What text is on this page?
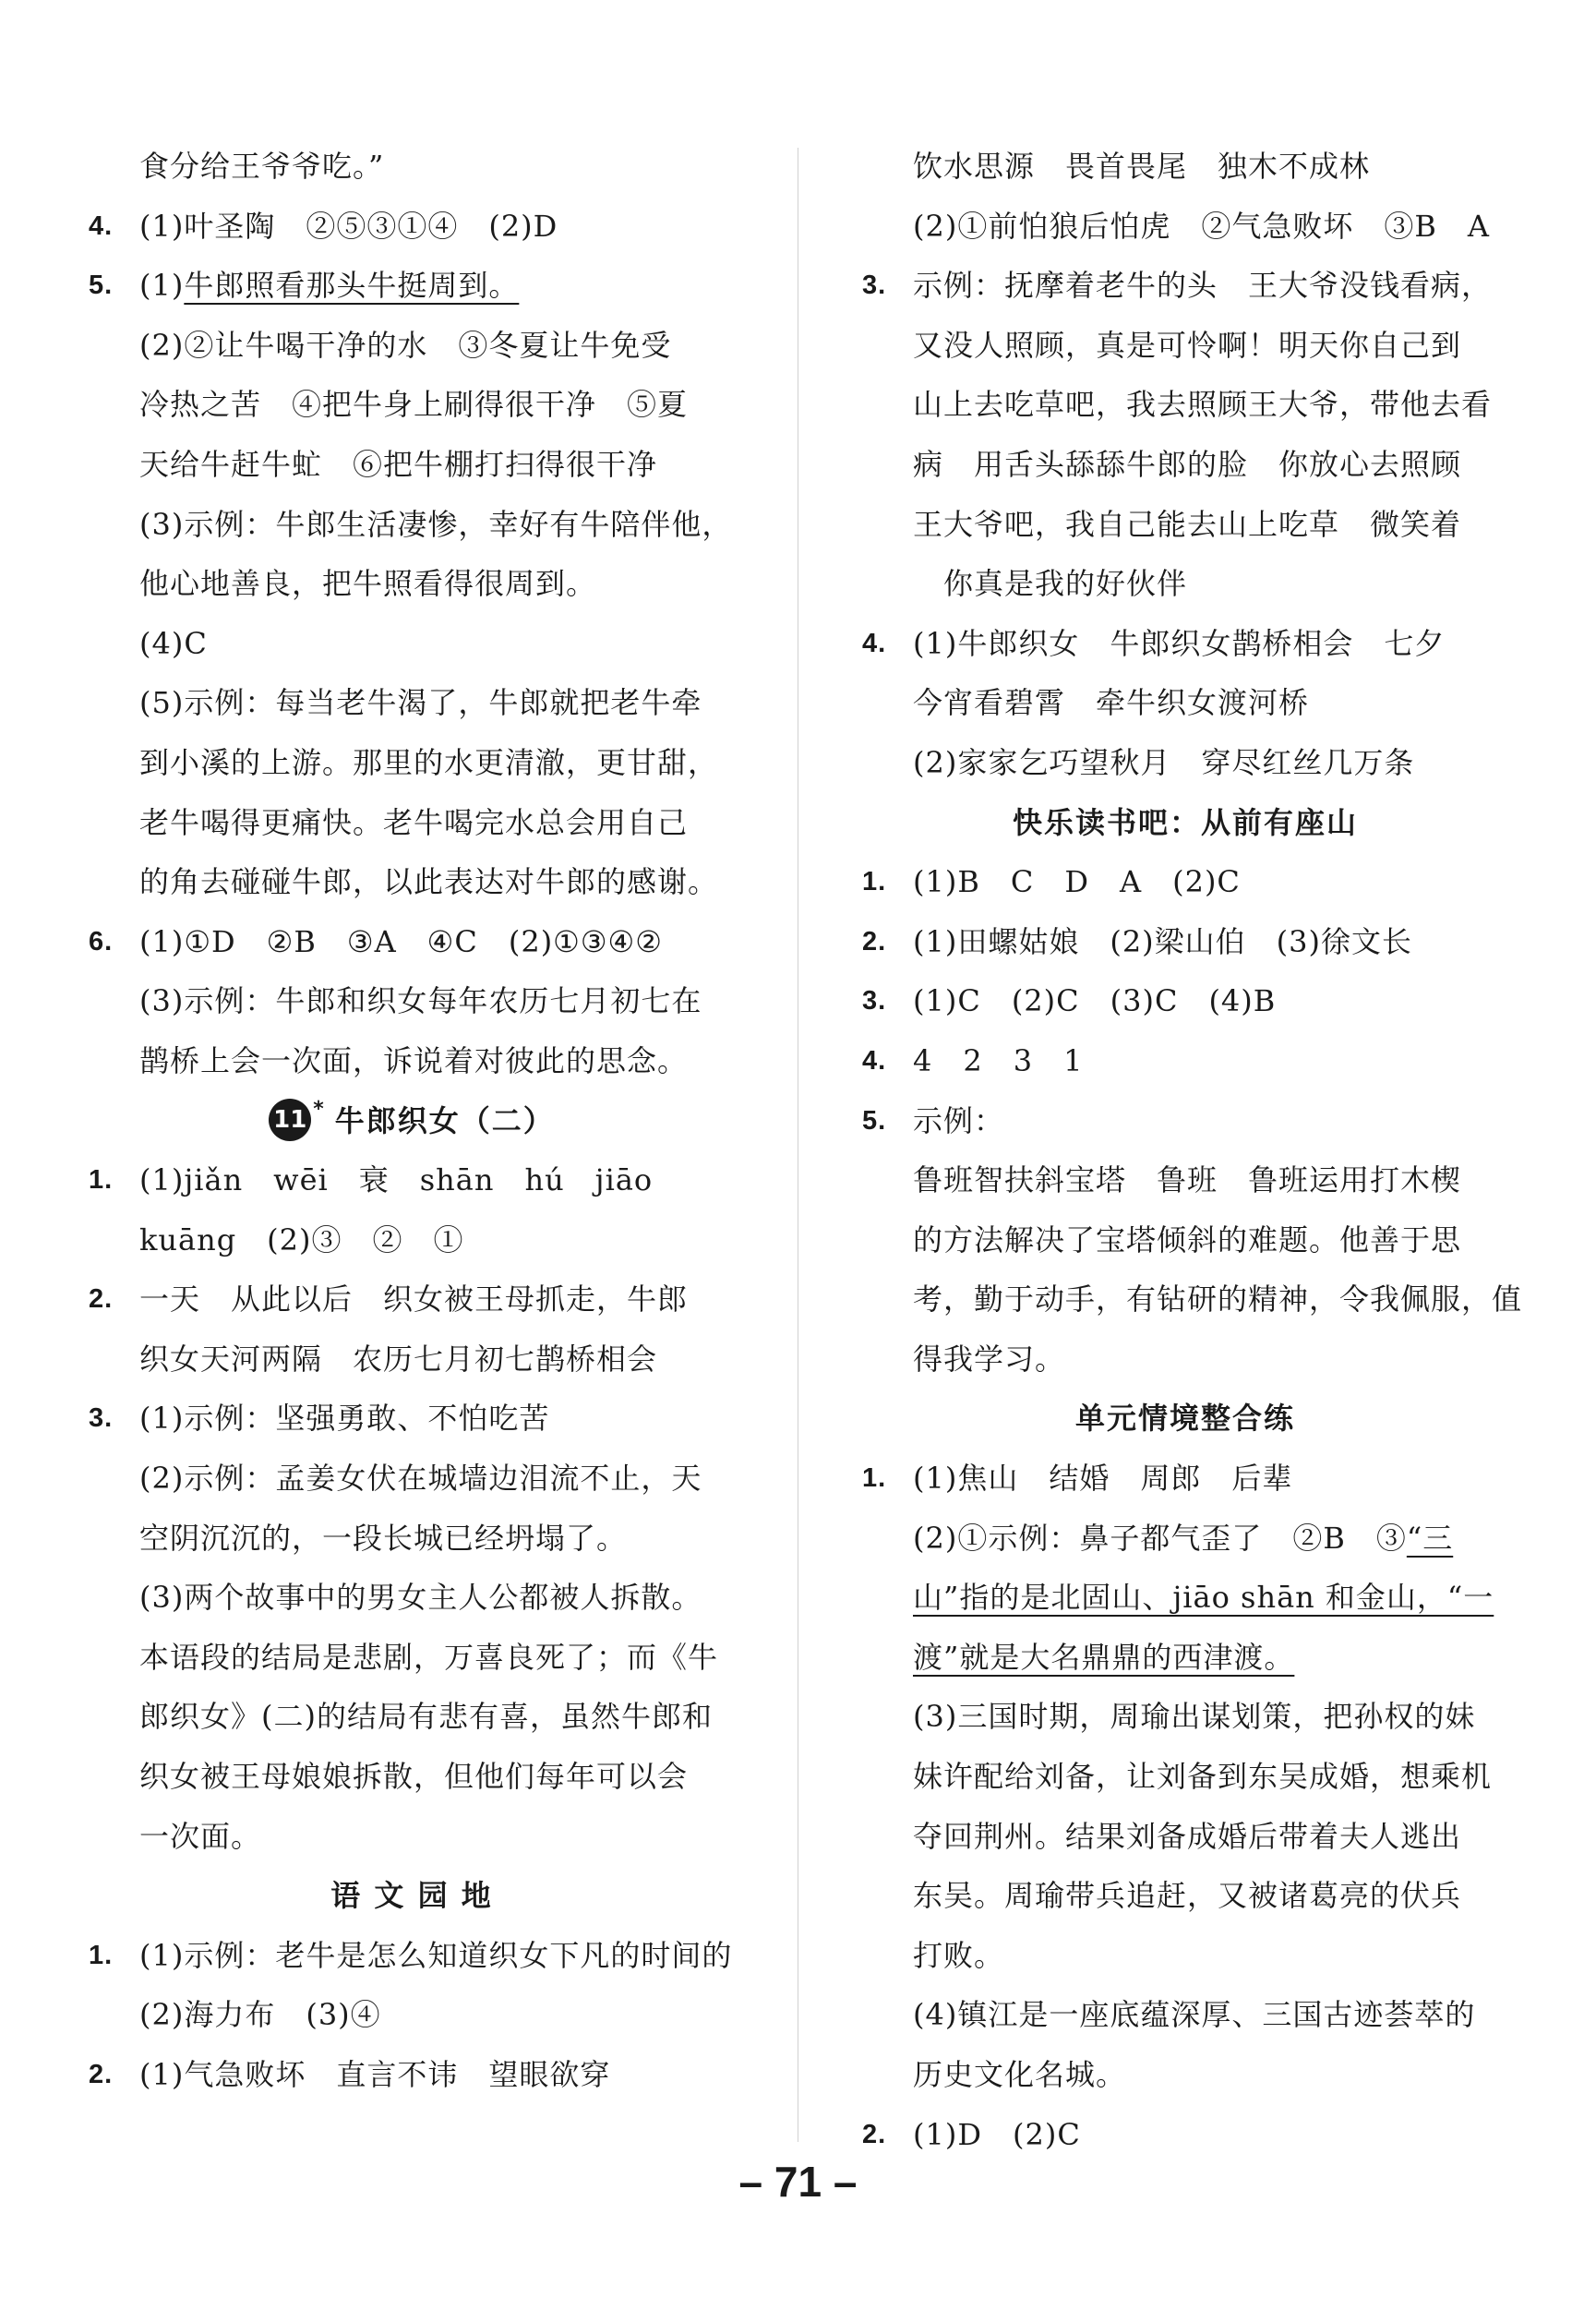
食分给王爷爷吃。”
4. (1)叶圣陶　②⑤③①④　(2)D
5. (1)牛郎照看那头牛挺周到。
(2)②让牛喝干净的水　③冬夏让牛免受
冷热之苦　④把牛身上刷得很干净　⑤夏
天给牛赶牛虻　⑥把牛棚打扫得很干净
(3)示例：牛郎生活凄惨，幸好有牛陪伴他，
他心地善良，把牛照看得很周到。
(4)C
(5)示例：每当老牛渴了，牛郎就把老牛牵
到小溪的上游。那里的水更清澈，更甘甜，
老牛喝得更痛快。老牛喝完水总会用自己
的角去碰碰牛郎，以此表达对牛郎的感谢。
6. (1)①D　②B　③A　④C　(2)①③④②
(3)示例：牛郎和织女每年农历七月初七在
鹊桥上会一次面，诉说着对彼此的思念。
11 * 牛郎织女（二）
1. (1)jiǎn　wēi　衰　shān　hú　jiāo
kuāng　(2)③　②　①
2. 一天　从此以后　织女被王母抓走，牛郎
织女天河两隔　农历七月初七鹊桥相会
3. (1)示例：坚强勇敢、不怕吃苦
(2)示例：孟姜女伏在城墙边泪流不止，天
空阴沉沉的，一段长城已经坍塌了。
(3)两个故事中的男女主人公都被人拆散。
本语段的结局是悲剧，万喜良死了；而《牛
郎织女》(二)的结局有悲有喜，虽然牛郎和
织女被王母娘娘拆散，但他们每年可以会
一次面。
语 文 园 地
1. (1)示例：老牛是怎么知道织女下凡的时间的
(2)海力布　(3)④
2. (1)气急败坏　直言不讳　望眼欲穿
饮水思源　畏首畏尾　独木不成林
(2)①前怕狼后怕虎　②气急败坏　③B　A
3. 示例：抚摩着老牛的头　王大爷没钱看病，
又没人照顾，真是可怜啊！明天你自己到
山上去吃草吧，我去照顾王大爷，带他去看
病　用舌头舔舔牛郎的脸　你放心去照顾
王大爷吧，我自己能去山上吃草　微笑着
　你真是我的好伙伴
4. (1)牛郎织女　牛郎织女鹊桥相会　七夕
今宵看碧霄　牵牛织女渡河桥
(2)家家乞巧望秋月　穿尽红丝几万条
快乐读书吧：从前有座山
1. (1)B　C　D　A　(2)C
2. (1)田螺姑娘　(2)梁山伯　(3)徐文长
3. (1)C　(2)C　(3)C　(4)B
4. 4　2　3　1
5. 示例：
鲁班智扶斜宝塔　鲁班　鲁班运用打木楔
的方法解决了宝塔倾斜的难题。他善于思
考，勤于动手，有钻研的精神，令我佩服，值
得我学习。
单元情境整合练
1. (1)焦山　结婚　周郎　后辈
(2)①示例：鼻子都气歪了　②B　③“三
山”指的是北固山、jiāo shān 和金山，“一
渡”就是大名鼎鼎的西津渡。
(3)三国时期，周瑜出谋划策，把孙权的妹
妹许配给刘备，让刘备到东吴成婚，想乘机
夺回荆州。结果刘备成婚后带着夫人逃出
东吴。周瑜带兵追赶，又被诸葛亮的伏兵
打败。
(4)镇江是一座底蕴深厚、三国古迹荟萃的
历史文化名城。
2. (1)D　(2)C
– 71 –
